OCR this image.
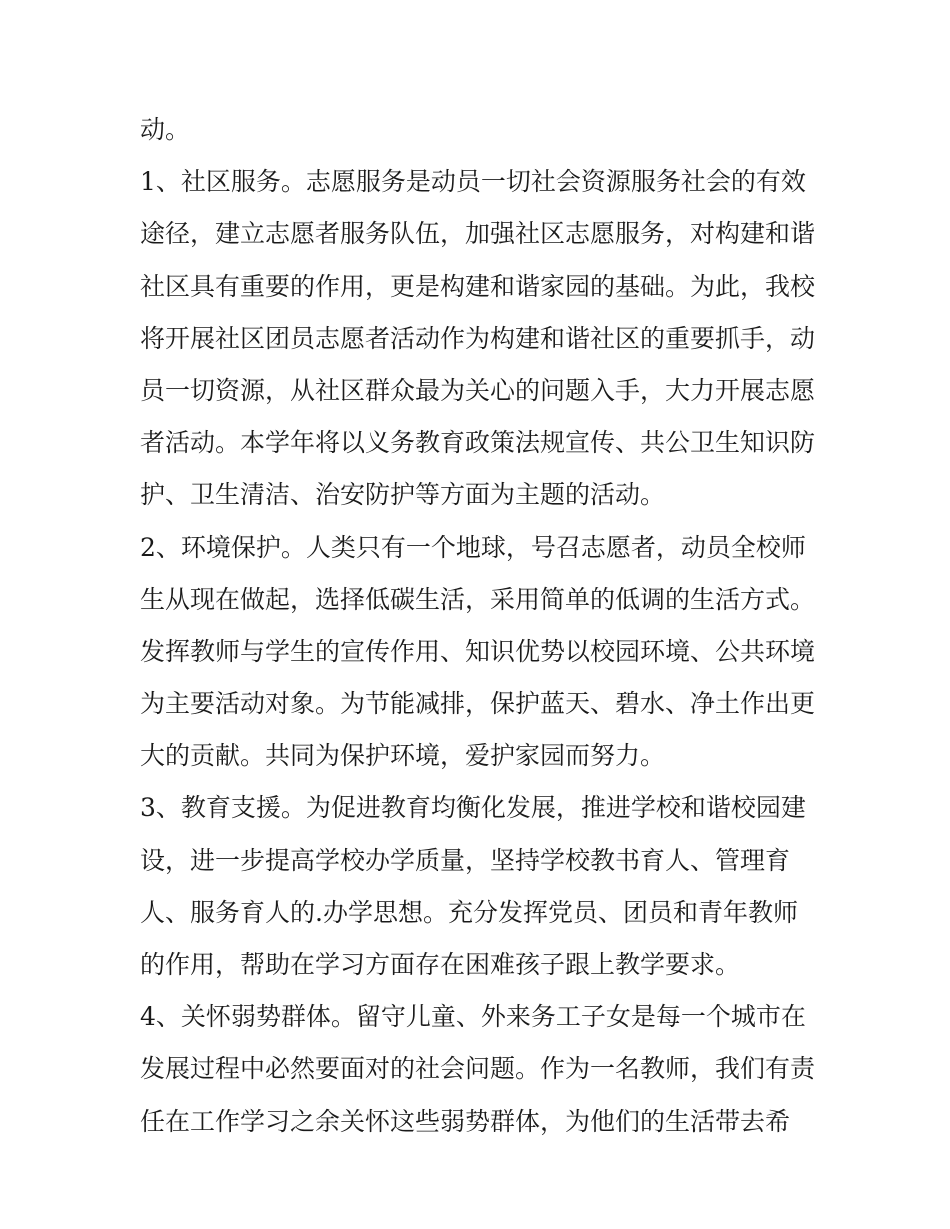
动。
1、社区服务。志愿服务是动员一切社会资源服务社会的有效
途径，建立志愿者服务队伍，加强社区志愿服务，对构建和谐
社区具有重要的作用，更是构建和谐家园的基础。为此，我校
将开展社区团员志愿者活动作为构建和谐社区的重要抓手，动
员一切资源，从社区群众最为关心的问题入手，大力开展志愿
者活动。本学年将以义务教育政策法规宣传、共公卫生知识防
护、卫生清洁、治安防护等方面为主题的活动。
2、环境保护。人类只有一个地球，号召志愿者，动员全校师
生从现在做起，选择低碳生活，采用简单的低调的生活方式。
发挥教师与学生的宣传作用、知识优势以校园环境、公共环境
为主要活动对象。为节能减排，保护蓝天、碧水、净土作出更
大的贡献。共同为保护环境，爱护家园而努力。
3、教育支援。为促进教育均衡化发展，推进学校和谐校园建
设，进一步提高学校办学质量，坚持学校教书育人、管理育
人、服务育人的.办学思想。充分发挥党员、团员和青年教师
的作用，帮助在学习方面存在困难孩子跟上教学要求。
4、关怀弱势群体。留守儿童、外来务工子女是每一个城市在
发展过程中必然要面对的社会问题。作为一名教师，我们有责
任在工作学习之余关怀这些弱势群体，为他们的生活带去希
